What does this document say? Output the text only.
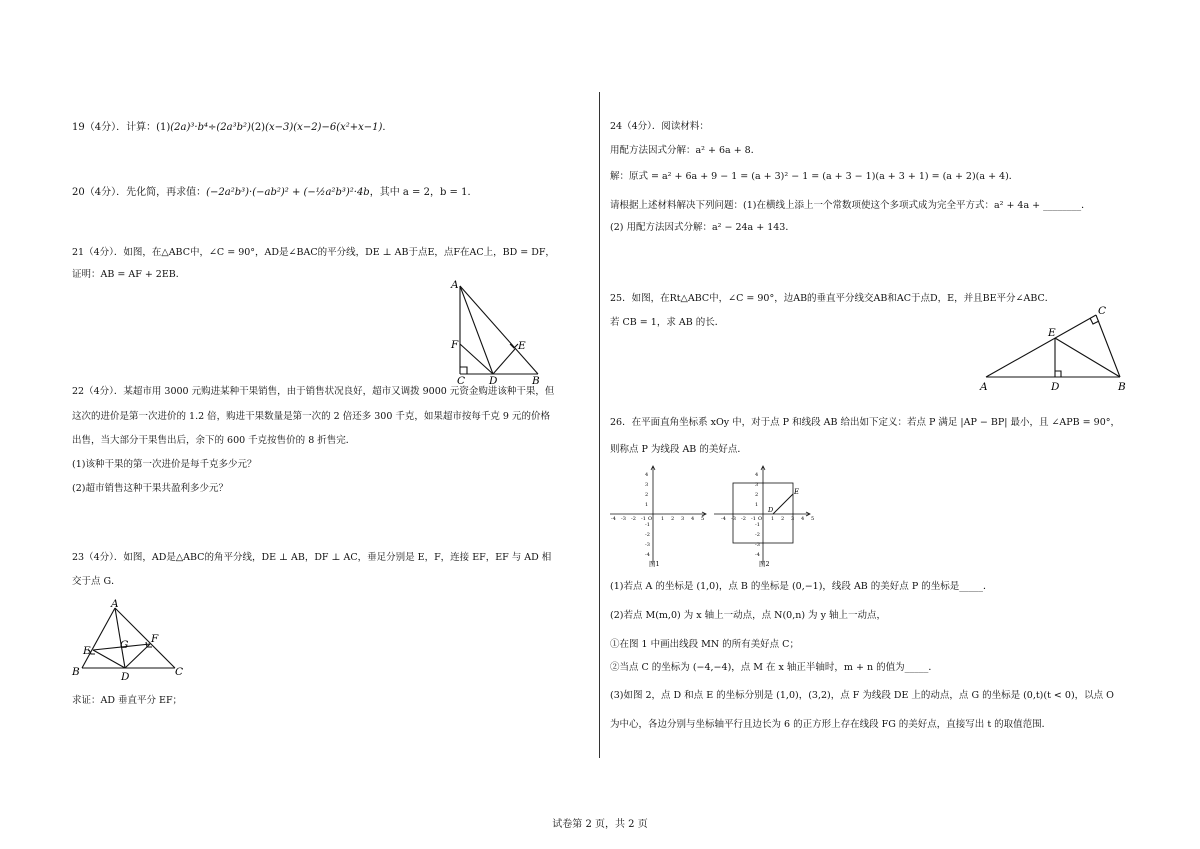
19（4分）．计算：(1)(2a)³·b⁴÷(2a³b²)(2)(x−3)(x−2)−6(x²+x−1)．
20（4分）．先化简，再求值：(−2a²b³)·(−ab²)² + (−½a²b³)²·4b，其中 a = 2，b = 1．
21（4分）．如图，在△ABC中，∠C = 90°，AD是∠BAC的平分线，DE ⊥ AB于点E，点F在AC上，BD = DF，
证明：AB = AF + 2EB．
22（4分）．某超市用 3000 元购进某种干果销售，由于销售状况良好，超市又调拨 9000 元资金购进该种干果，但
这次的进价是第一次进价的 1.2 倍，购进干果数量是第一次的 2 倍还多 300 千克，如果超市按每千克 9 元的价格
出售，当大部分干果售出后，余下的 600 千克按售价的 8 折售完．
(1)该种干果的第一次进价是每千克多少元？
(2)超市销售这种干果共盈利多少元？
23（4分）．如图，AD是△ABC的角平分线，DE ⊥ AB，DF ⊥ AC，垂足分别是 E，F，连接 EF，EF 与 AD 相
交于点 G．
求证：AD 垂直平分 EF；
A
F
C D	B
E
A
E	G F
B	D	C
24（4分）．阅读材料：
用配方法因式分解：a² + 6a + 8．
解：原式 = a² + 6a + 9 − 1 = (a + 3)² − 1 = (a + 3 − 1)(a + 3 + 1) = (a + 2)(a + 4)．
请根据上述材料解决下列问题：(1)在横线上添上一个常数项使这个多项式成为完全平方式：a² + 4a + ________．
(2) 用配方法因式分解：a² − 24a + 143．
25．如图，在Rt△ABC中，∠C = 90°，边AB的垂直平分线交AB和AC于点D，E，并且BE平分∠ABC．
若 CB = 1，求 AB 的长．
26．在平面直角坐标系 xOy 中，对于点 P 和线段 AB 给出如下定义：若点 P 满足 |AP − BP| 最小，且 ∠APB = 90°，
则称点 P 为线段 AB 的美好点．
(1)若点 A 的坐标是 (1,0)，点 B 的坐标是 (0,−1)，线段 AB 的美好点 P 的坐标是_____．
(2)若点 M(m,0) 为 x 轴上一动点，点 N(0,n) 为 y 轴上一动点，
①在图 1 中画出线段 MN 的所有美好点 C；
②当点 C 的坐标为 (−4,−4)，点 M 在 x 轴正半轴时，m + n 的值为_____．
(3)如图 2，点 D 和点 E 的坐标分别是 (1,0)，(3,2)，点 F 为线段 DE 上的动点，点 G 的坐标是 (0,t)(t < 0)，以点 O
为中心，各边分别与坐标轴平行且边长为 6 的正方形上存在线段 FG 的美好点，直接写出 t 的取值范围．
A	B
C
D
E
-4 -3 -2 -1 O 1 2 3 4 5
4
3
2
1
-1
-2
-3
-4
图1
D
E
-4 -3 -2 -1 O 1 2 3 4 5
4
3
2
1
-1
-2
-3
-4
图2
试卷第 2 页，共 2 页
